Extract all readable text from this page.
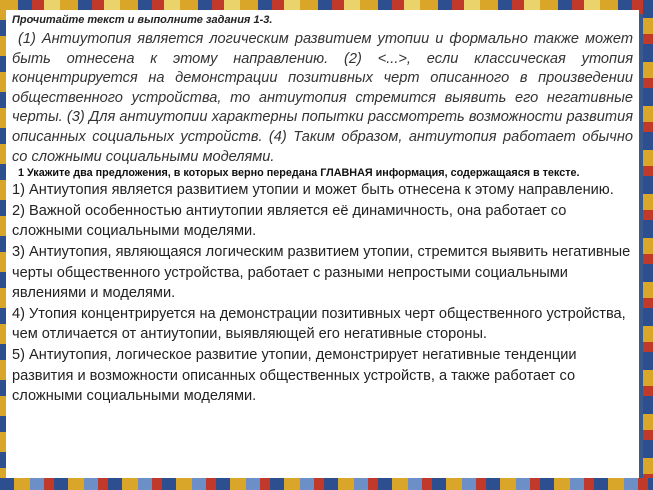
Прочитайте текст и выполните задания 1-3.

(1) Антиутопия является логическим развитием утопии и формально также может быть отнесена к этому направлению. (2) <...>, если классическая утопия концентрируется на демонстрации позитивных черт описанного в произведении общественного устройства, то антиутопия стремится выявить его негативные черты. (3) Для антиутопии характерны попытки рассмотреть возможности развития описанных социальных устройств. (4) Таким образом, антиутопия работает обычно со сложными социальными моделями.

1 Укажите два предложения, в которых верно передана ГЛАВНАЯ информация, содержащаяся в тексте.

1) Антиутопия является развитием утопии и может быть отнесена к этому направлению.
2) Важной особенностью антиутопии является её динамичность, она работает со сложными социальными моделями.
3) Антиутопия, являющаяся логическим развитием утопии, стремится выявить негативные черты общественного устройства, работает с разными непростыми социальными явлениями и моделями.
4) Утопия концентрируется на демонстрации позитивных черт общественного устройства, чем отличается от антиутопии, выявляющей его негативные стороны.
5) Антиутопия, логическое развитие утопии, демонстрирует негативные тенденции развития и возможности описанных общественных устройств, а также работает со сложными социальными моделями.
